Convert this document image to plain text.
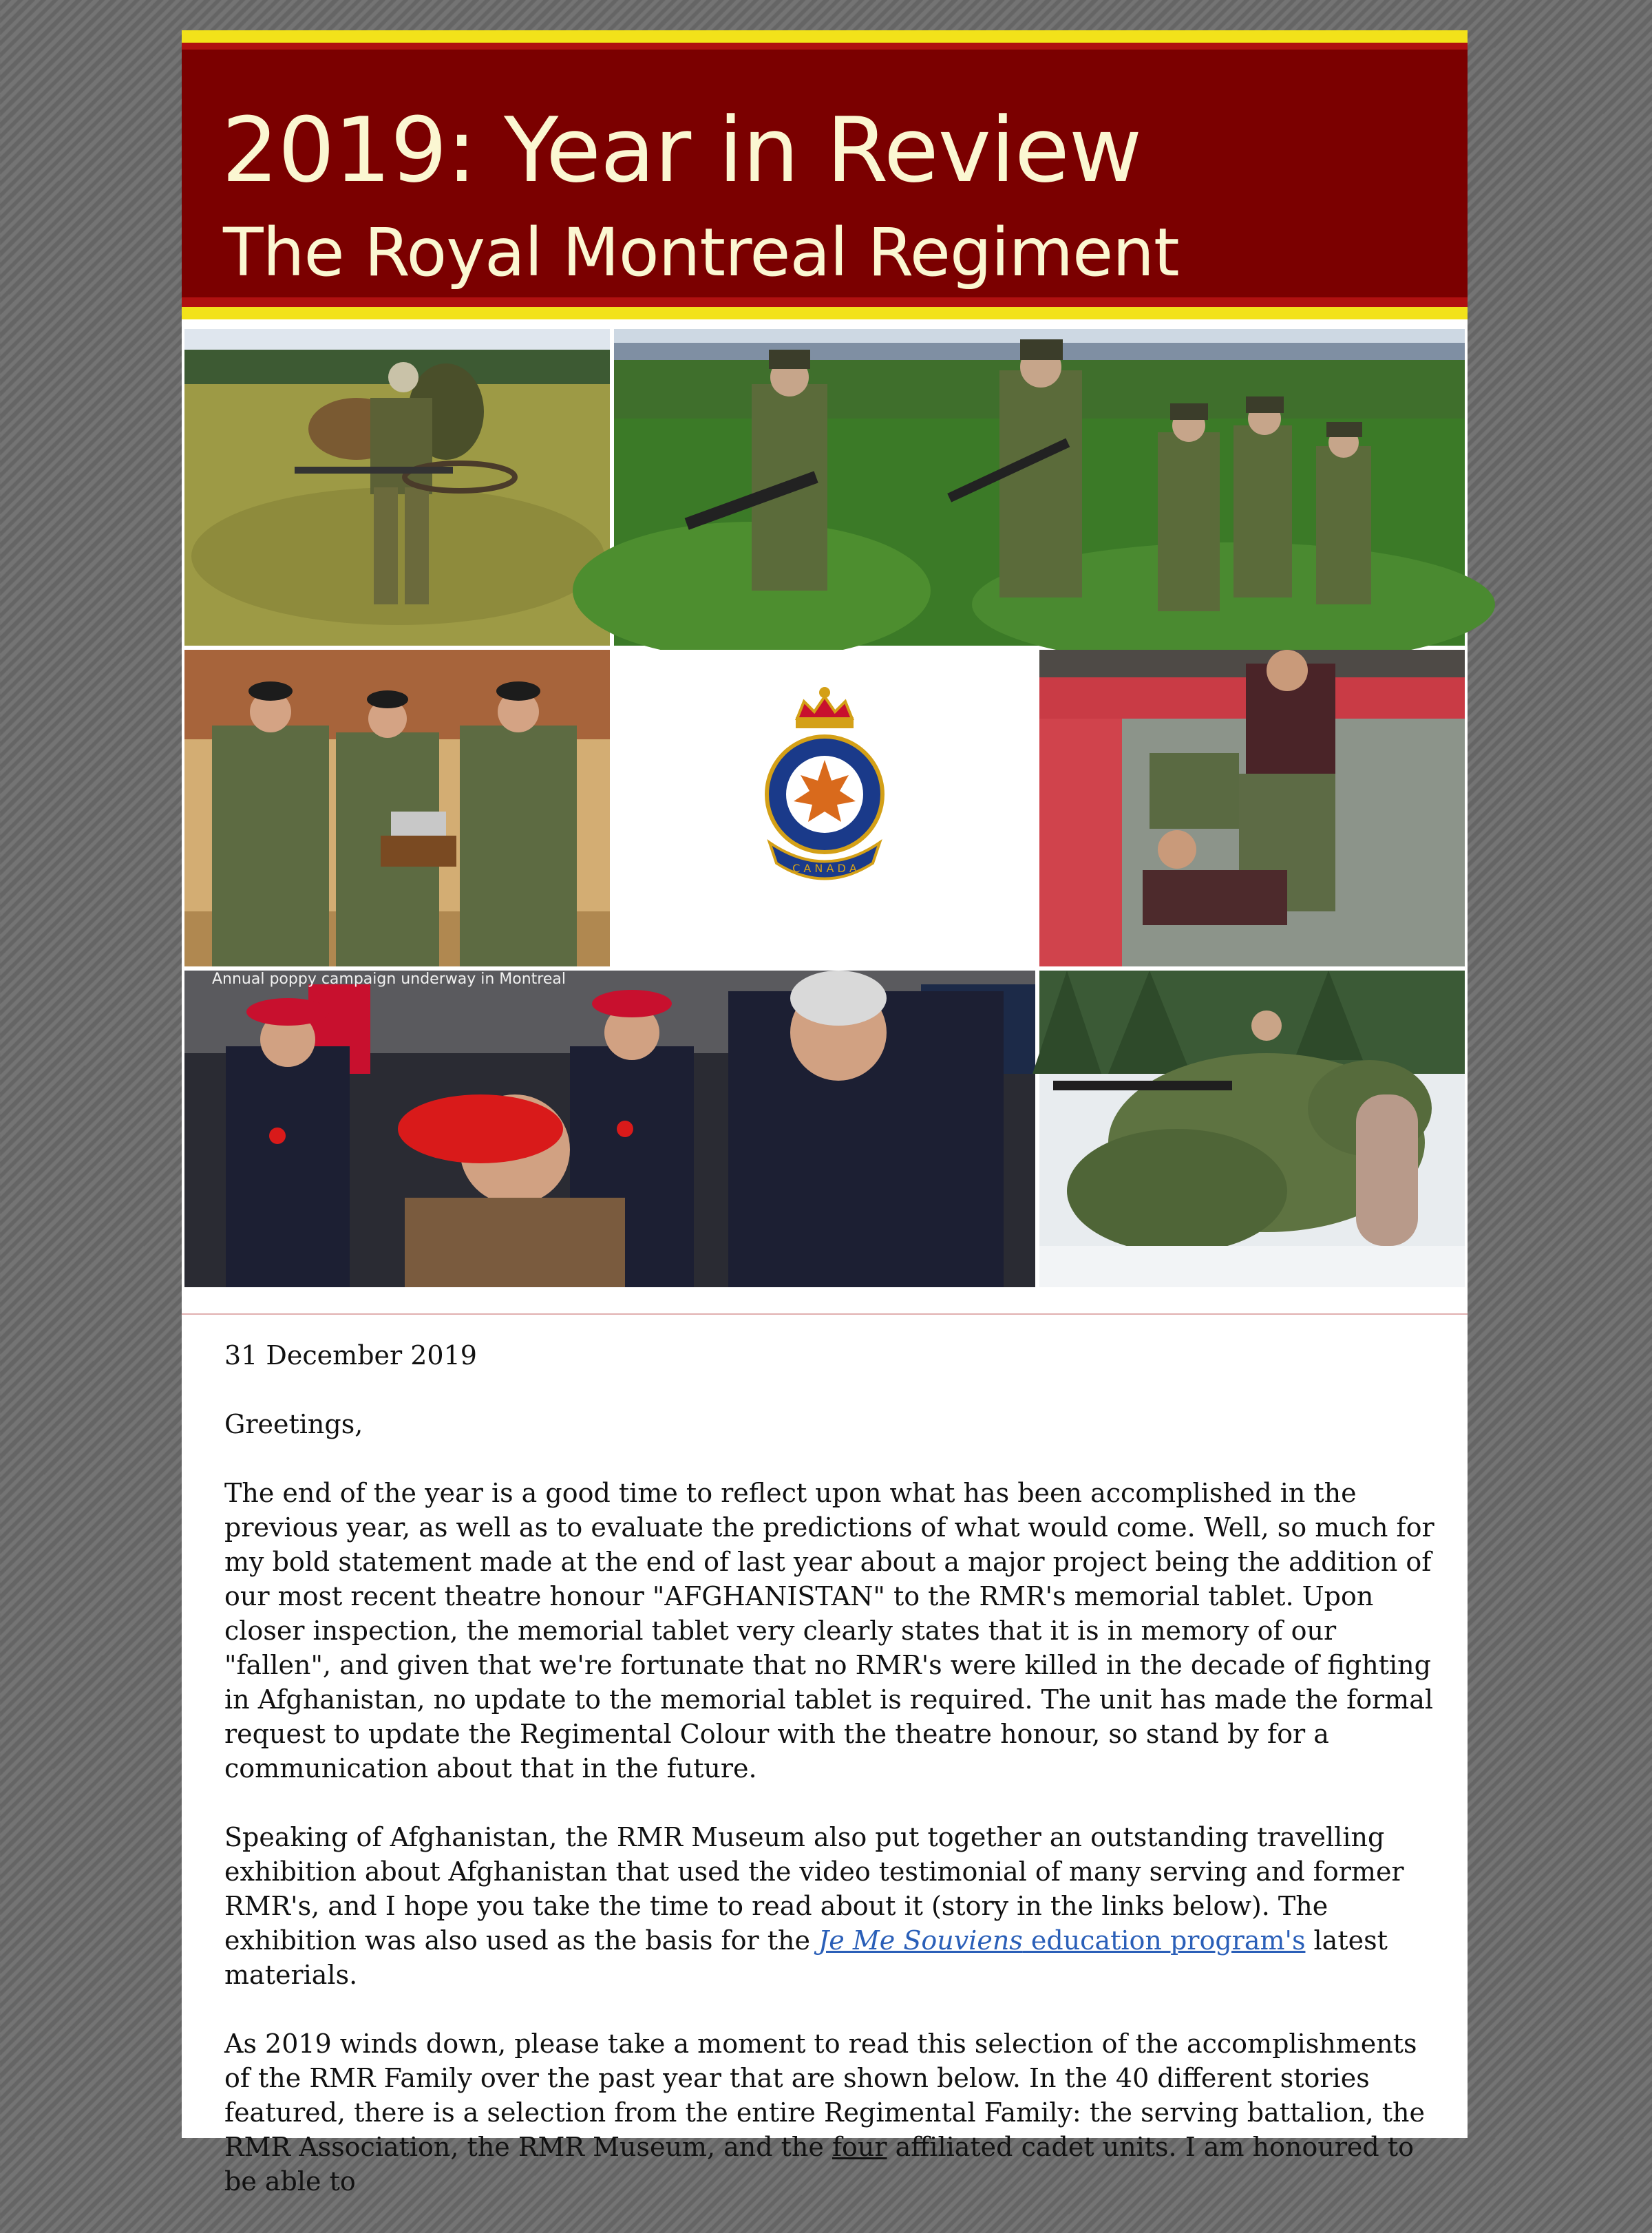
2019: Year in Review
The Royal Montreal Regiment
C A N A D A
Annual poppy campaign underway in Montreal

31 December 2019

Greetings,

The end of the year is a good time to reflect upon what has been accomplished in the previous year, as well as to evaluate the predictions of what would come. Well, so much for my bold statement made at the end of last year about a major project being the addition of our most recent theatre honour "AFGHANISTAN" to the RMR's memorial tablet. Upon closer inspection, the memorial tablet very clearly states that it is in memory of our "fallen", and given that we're fortunate that no RMR's were killed in the decade of fighting in Afghanistan, no update to the memorial tablet is required. The unit has made the formal request to update the Regimental Colour with the theatre honour, so stand by for a communication about that in the future.

Speaking of Afghanistan, the RMR Museum also put together an outstanding travelling exhibition about Afghanistan that used the video testimonial of many serving and former RMR's, and I hope you take the time to read about it (story in the links below). The exhibition was also used as the basis for the Je Me Souviens education program's latest materials.

As 2019 winds down, please take a moment to read this selection of the accomplishments of the RMR Family over the past year that are shown below. In the 40 different stories featured, there is a selection from the entire Regimental Family: the serving battalion, the RMR Association, the RMR Museum, and the four affiliated cadet units. I am honoured to be able to
